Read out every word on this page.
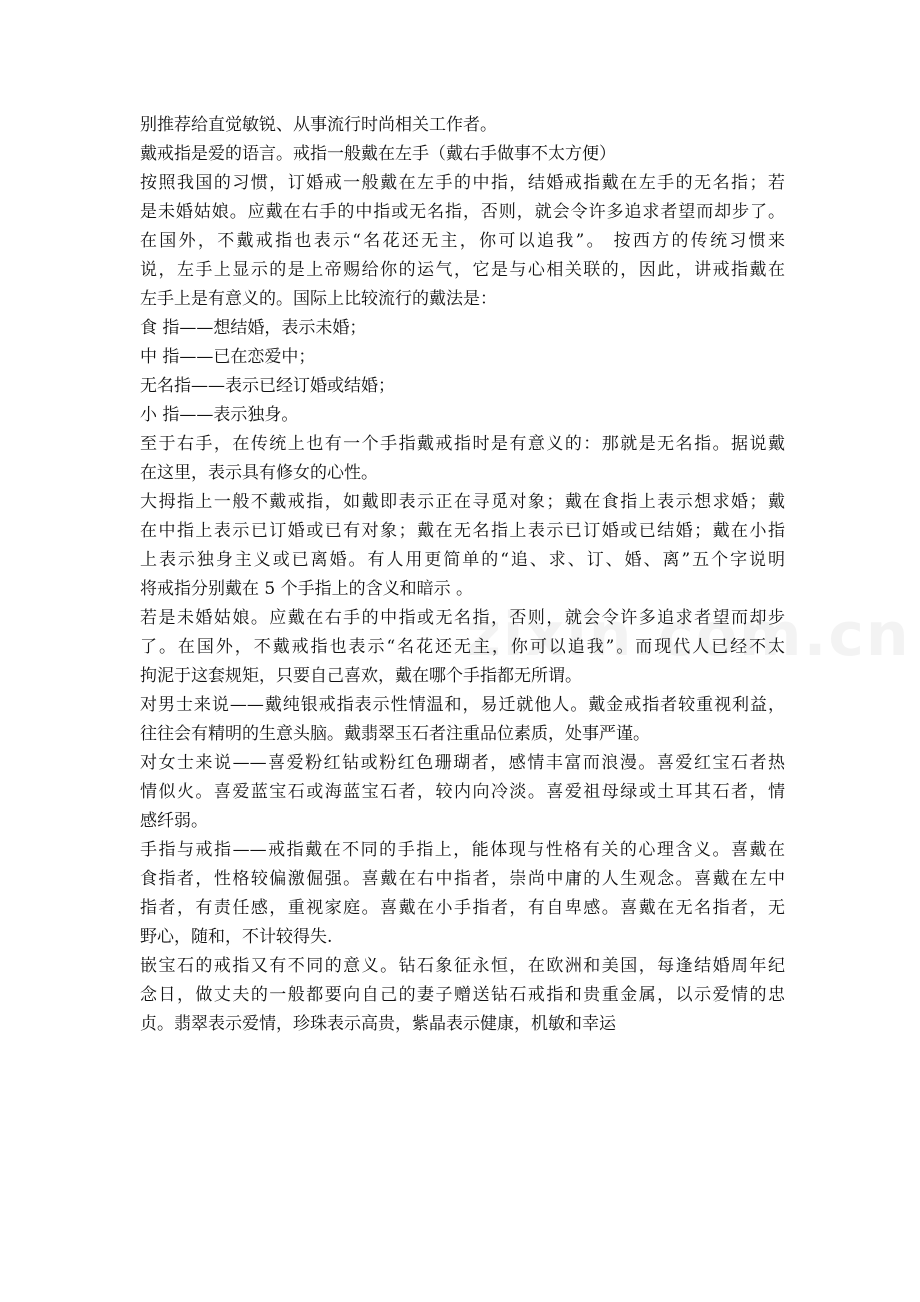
别推荐给直觉敏锐、从事流行时尚相关工作者。
戴戒指是爱的语言。戒指一般戴在左手（戴右手做事不太方便）
按照我国的习惯，订婚戒一般戴在左手的中指，结婚戒指戴在左手的无名指；若
是未婚姑娘。应戴在右手的中指或无名指，否则，就会令许多追求者望而却步了。
在国外，不戴戒指也表示“名花还无主，你可以追我”。 按西方的传统习惯来
说，左手上显示的是上帝赐给你的运气，它是与心相关联的，因此，讲戒指戴在
左手上是有意义的。国际上比较流行的戴法是：
食 指——想结婚，表示未婚；
中 指——已在恋爱中；
无名指——表示已经订婚或结婚；
小 指——表示独身。
至于右手，在传统上也有一个手指戴戒指时是有意义的：那就是无名指。据说戴
在这里，表示具有修女的心性。
大拇指上一般不戴戒指，如戴即表示正在寻觅对象；戴在食指上表示想求婚；戴
在中指上表示已订婚或已有对象；戴在无名指上表示已订婚或已结婚；戴在小指
上表示独身主义或已离婚。有人用更简单的“追、求、订、婚、离”五个字说明
将戒指分别戴在 5 个手指上的含义和暗示 。
若是未婚姑娘。应戴在右手的中指或无名指，否则，就会令许多追求者望而却步
了。在国外，不戴戒指也表示“名花还无主，你可以追我”。而现代人已经不太
拘泥于这套规矩，只要自己喜欢，戴在哪个手指都无所谓。
对男士来说——戴纯银戒指表示性情温和，易迁就他人。戴金戒指者较重视利益，
往往会有精明的生意头脑。戴翡翠玉石者注重品位素质，处事严谨。
对女士来说——喜爱粉红钻或粉红色珊瑚者，感情丰富而浪漫。喜爱红宝石者热
情似火。喜爱蓝宝石或海蓝宝石者，较内向冷淡。喜爱祖母绿或土耳其石者，情
感纤弱。
手指与戒指——戒指戴在不同的手指上，能体现与性格有关的心理含义。喜戴在
食指者，性格较偏激倔强。喜戴在右中指者，崇尚中庸的人生观念。喜戴在左中
指者，有责任感，重视家庭。喜戴在小手指者，有自卑感。喜戴在无名指者，无
野心，随和，不计较得失.
嵌宝石的戒指又有不同的意义。钻石象征永恒，在欧洲和美国，每逢结婚周年纪
念日，做丈夫的一般都要向自己的妻子赠送钻石戒指和贵重金属，以示爱情的忠
贞。翡翠表示爱情，珍珠表示高贵，紫晶表示健康，机敏和幸运
